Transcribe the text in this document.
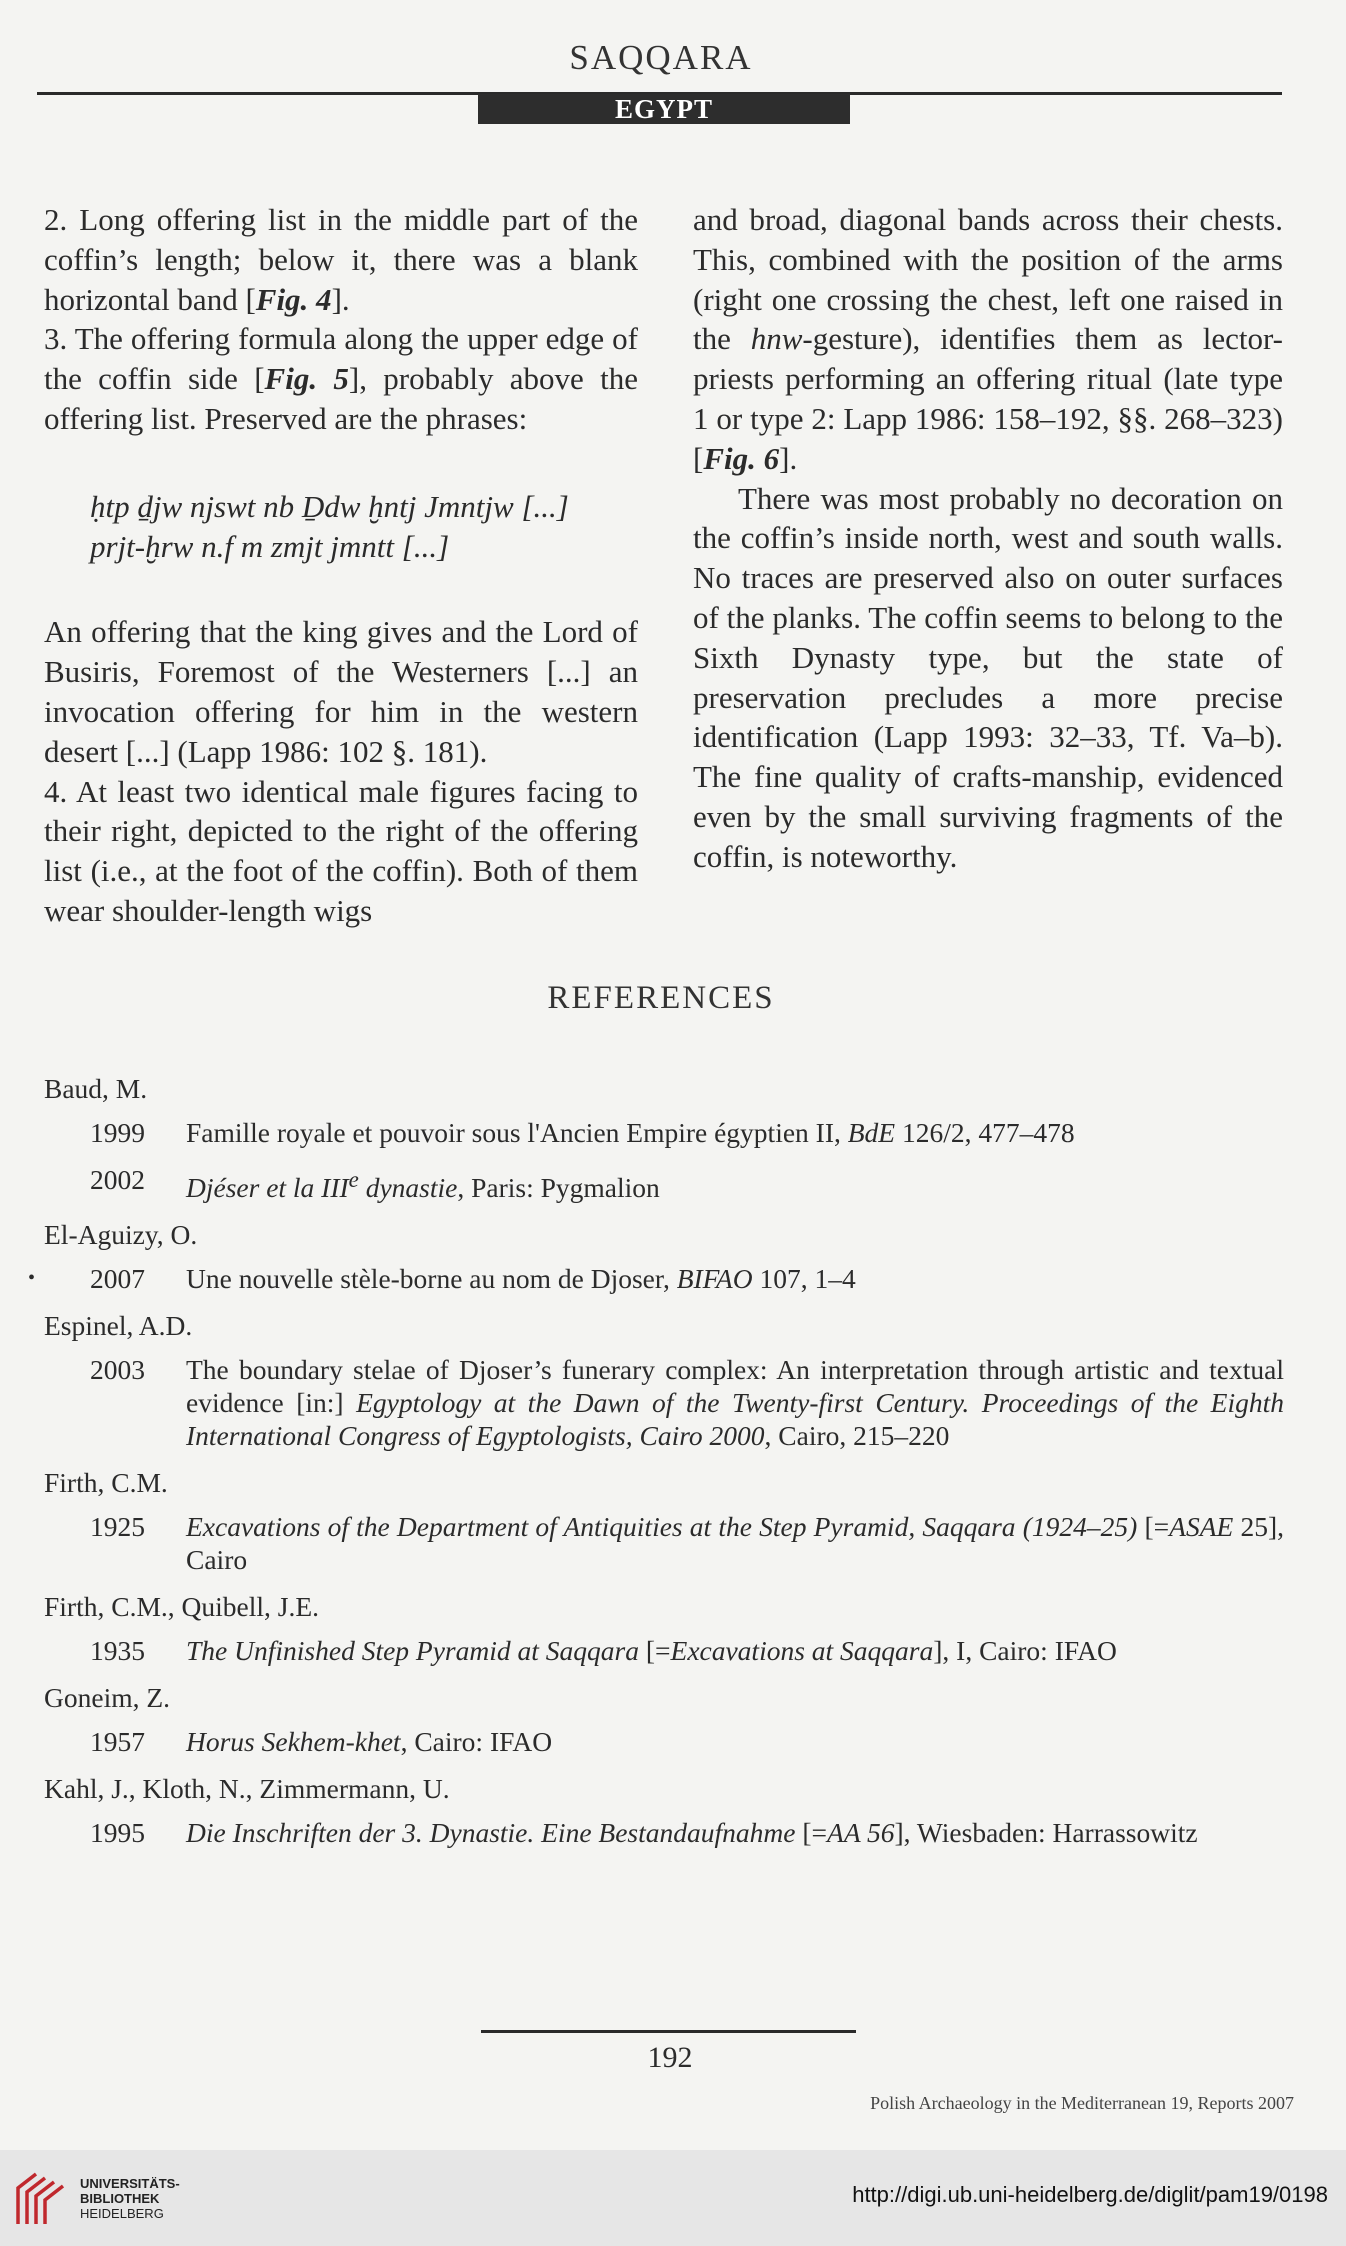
SAQQARA
EGYPT

2. Long offering list in the middle part of the coffin’s length; below it, there was a blank horizontal band [Fig. 4].

3. The offering formula along the upper edge of the coffin side [Fig. 5], probably above the offering list. Preserved are the phrases:

ḥtp ḏjw njswt nb Ḏdw ḫntj Jmntjw [...]
prjt-ḫrw n.f m zmjt jmntt [...]

An offering that the king gives and the Lord of Busiris, Foremost of the Westerners [...] an invocation offering for him in the western desert [...] (Lapp 1986: 102 §. 181).

4. At least two identical male figures facing to their right, depicted to the right of the offering list (i.e., at the foot of the coffin). Both of them wear shoulder-length wigs

and broad, diagonal bands across their chests. This, combined with the position of the arms (right one crossing the chest, left one raised in the hnw-gesture), identifies them as lector-priests performing an offering ritual (late type 1 or type 2: Lapp 1986: 158–192, §§. 268–323) [Fig. 6].

There was most probably no decoration on the coffin’s inside north, west and south walls. No traces are preserved also on outer surfaces of the planks. The coffin seems to belong to the Sixth Dynasty type, but the state of preservation precludes a more precise identification (Lapp 1993: 32–33, Tf. Va–b). The fine quality of crafts-manship, evidenced even by the small surviving fragments of the coffin, is noteworthy.

REFERENCES
Baud, M.
1999 Famille royale et pouvoir sous l'Ancien Empire égyptien II, BdE 126/2, 477–478
2002 Djéser et la IIIe dynastie, Paris: Pygmalion
El-Aguizy, O.
• 2007 Une nouvelle stèle-borne au nom de Djoser, BIFAO 107, 1–4
Espinel, A.D.
2003 The boundary stelae of Djoser’s funerary complex: An interpretation through artistic and textual evidence [in:] Egyptology at the Dawn of the Twenty-first Century. Proceedings of the Eighth International Congress of Egyptologists, Cairo 2000, Cairo, 215–220
Firth, C.M.
1925 Excavations of the Department of Antiquities at the Step Pyramid, Saqqara (1924–25) [=ASAE 25], Cairo
Firth, C.M., Quibell, J.E.
1935 The Unfinished Step Pyramid at Saqqara [=Excavations at Saqqara], I, Cairo: IFAO
Goneim, Z.
1957 Horus Sekhem-khet, Cairo: IFAO
Kahl, J., Kloth, N., Zimmermann, U.
1995 Die Inschriften der 3. Dynastie. Eine Bestandaufnahme [=AA 56], Wiesbaden: Harrassowitz
192
Polish Archaeology in the Mediterranean 19, Reports 2007
UNIVERSITÄTS-
BIBLIOTHEK
HEIDELBERG
http://digi.ub.uni-heidelberg.de/diglit/pam19/0198
